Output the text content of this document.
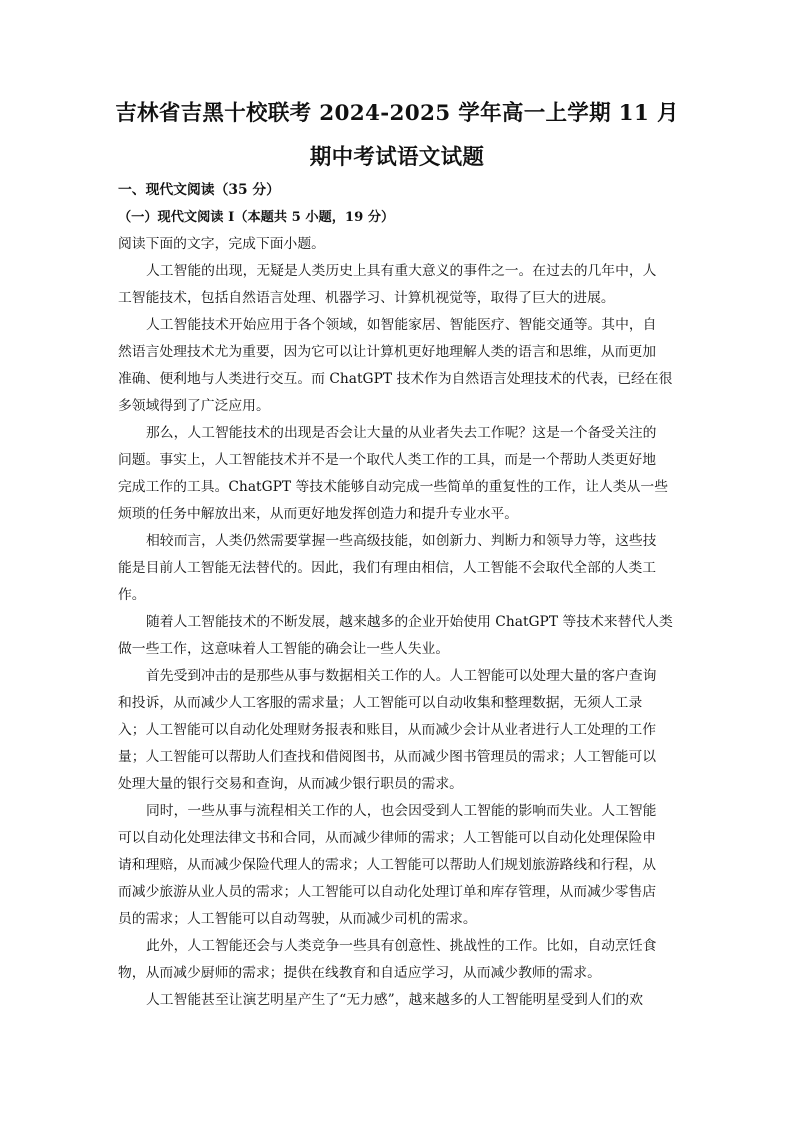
吉林省吉黑十校联考 2024-2025 学年高一上学期 11 月
期中考试语文试题
一、现代文阅读（35 分）
（一）现代文阅读 I（本题共 5 小题，19 分）
阅读下面的文字，完成下面小题。
人工智能的出现，无疑是人类历史上具有重大意义的事件之一。在过去的几年中，人
工智能技术，包括自然语言处理、机器学习、计算机视觉等，取得了巨大的进展。
人工智能技术开始应用于各个领域，如智能家居、智能医疗、智能交通等。其中，自
然语言处理技术尤为重要，因为它可以让计算机更好地理解人类的语言和思维，从而更加
准确、便利地与人类进行交互。而 ChatGPT 技术作为自然语言处理技术的代表，已经在很
多领域得到了广泛应用。
那么，人工智能技术的出现是否会让大量的从业者失去工作呢？这是一个备受关注的
问题。事实上，人工智能技术并不是一个取代人类工作的工具，而是一个帮助人类更好地
完成工作的工具。ChatGPT 等技术能够自动完成一些简单的重复性的工作，让人类从一些
烦琐的任务中解放出来，从而更好地发挥创造力和提升专业水平。
相较而言，人类仍然需要掌握一些高级技能，如创新力、判断力和领导力等，这些技
能是目前人工智能无法替代的。因此，我们有理由相信，人工智能不会取代全部的人类工
作。
随着人工智能技术的不断发展，越来越多的企业开始使用 ChatGPT 等技术来替代人类
做一些工作，这意味着人工智能的确会让一些人失业。
首先受到冲击的是那些从事与数据相关工作的人。人工智能可以处理大量的客户查询
和投诉，从而减少人工客服的需求量；人工智能可以自动收集和整理数据，无须人工录
入；人工智能可以自动化处理财务报表和账目，从而减少会计从业者进行人工处理的工作
量；人工智能可以帮助人们查找和借阅图书，从而减少图书管理员的需求；人工智能可以
处理大量的银行交易和查询，从而减少银行职员的需求。
同时，一些从事与流程相关工作的人，也会因受到人工智能的影响而失业。人工智能
可以自动化处理法律文书和合同，从而减少律师的需求；人工智能可以自动化处理保险申
请和理赔，从而减少保险代理人的需求；人工智能可以帮助人们规划旅游路线和行程，从
而减少旅游从业人员的需求；人工智能可以自动化处理订单和库存管理，从而减少零售店
员的需求；人工智能可以自动驾驶，从而减少司机的需求。
此外，人工智能还会与人类竞争一些具有创意性、挑战性的工作。比如，自动烹饪食
物，从而减少厨师的需求；提供在线教育和自适应学习，从而减少教师的需求。
人工智能甚至让演艺明星产生了“无力感”，越来越多的人工智能明星受到人们的欢
